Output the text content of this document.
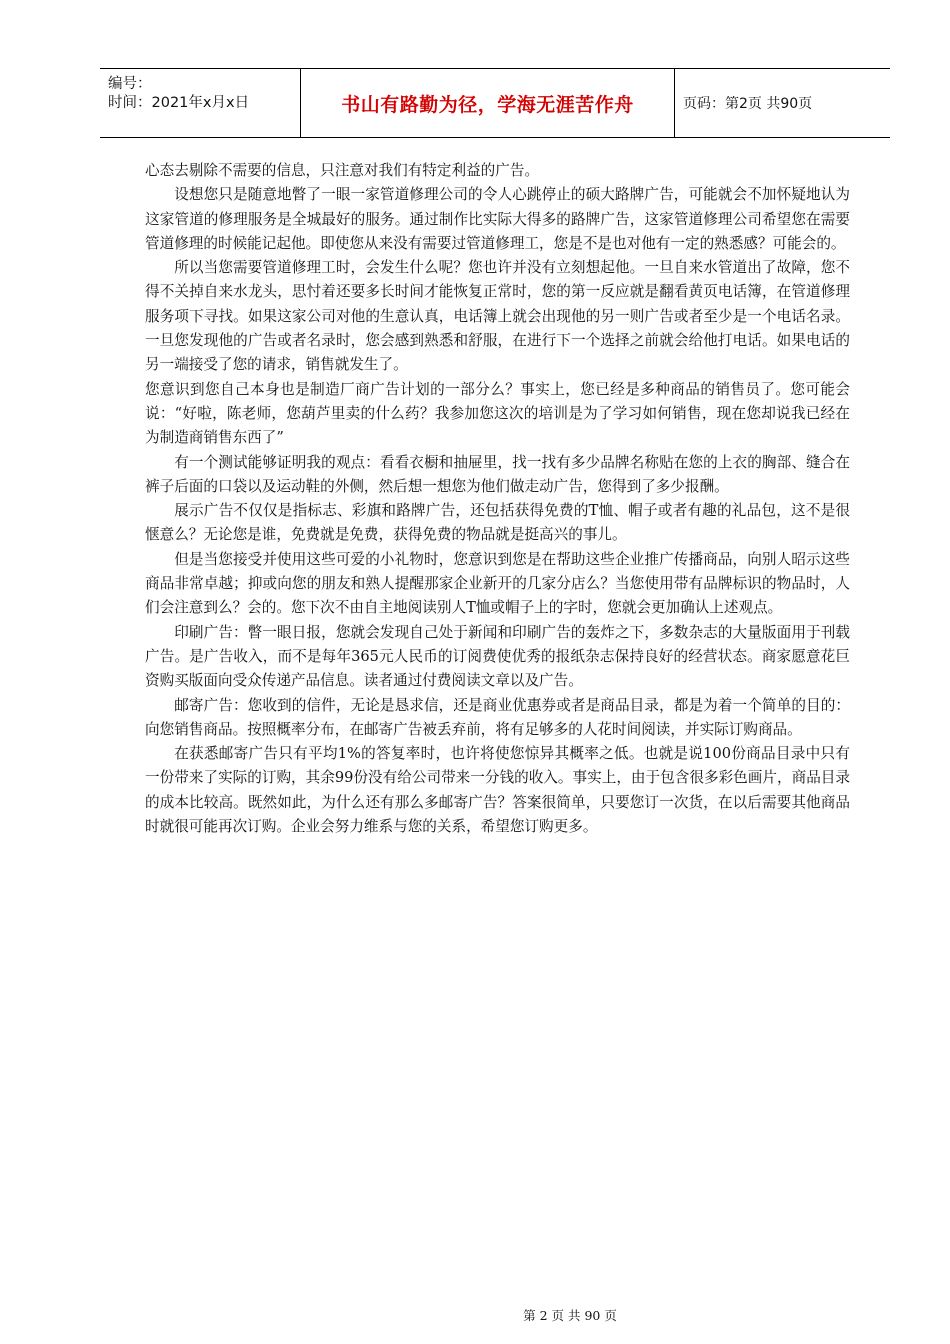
编号：
时间：2021年x月x日	书山有路勤为径，学海无涯苦作舟	页码：第2页 共90页

心态去剔除不需要的信息，只注意对我们有特定利益的广告。

设想您只是随意地瞥了一眼一家管道修理公司的令人心跳停止的硕大路牌广告，可能就会不加怀疑地认为这家管道的修理服务是全城最好的服务。通过制作比实际大得多的路牌广告，这家管道修理公司希望您在需要管道修理的时候能记起他。即使您从来没有需要过管道修理工，您是不是也对他有一定的熟悉感？可能会的。

所以当您需要管道修理工时，会发生什么呢？您也许并没有立刻想起他。一旦自来水管道出了故障，您不得不关掉自来水龙头，思忖着还要多长时间才能恢复正常时，您的第一反应就是翻看黄页电话簿，在管道修理服务项下寻找。如果这家公司对他的生意认真，电话簿上就会出现他的另一则广告或者至少是一个电话名录。一旦您发现他的广告或者名录时，您会感到熟悉和舒服，在进行下一个选择之前就会给他打电话。如果电话的另一端接受了您的请求，销售就发生了。

您意识到您自己本身也是制造厂商广告计划的一部分么？事实上，您已经是多种商品的销售员了。您可能会说：“好啦，陈老师，您葫芦里卖的什么药？我参加您这次的培训是为了学习如何销售，现在您却说我已经在为制造商销售东西了”

有一个测试能够证明我的观点：看看衣橱和抽屉里，找一找有多少品牌名称贴在您的上衣的胸部、缝合在裤子后面的口袋以及运动鞋的外侧，然后想一想您为他们做走动广告，您得到了多少报酬。

展示广告不仅仅是指标志、彩旗和路牌广告，还包括获得免费的T恤、帽子或者有趣的礼品包，这不是很惬意么？无论您是谁，免费就是免费，获得免费的物品就是挺高兴的事儿。

但是当您接受并使用这些可爱的小礼物时，您意识到您是在帮助这些企业推广传播商品，向别人昭示这些商品非常卓越；抑或向您的朋友和熟人提醒那家企业新开的几家分店么？当您使用带有品牌标识的物品时，人们会注意到么？会的。您下次不由自主地阅读别人T恤或帽子上的字时，您就会更加确认上述观点。

印刷广告：瞥一眼日报，您就会发现自己处于新闻和印刷广告的轰炸之下，多数杂志的大量版面用于刊载广告。是广告收入，而不是每年365元人民币的订阅费使优秀的报纸杂志保持良好的经营状态。商家愿意花巨资购买版面向受众传递产品信息。读者通过付费阅读文章以及广告。

邮寄广告：您收到的信件，无论是恳求信，还是商业优惠券或者是商品目录，都是为着一个简单的目的：向您销售商品。按照概率分布，在邮寄广告被丢弃前，将有足够多的人花时间阅读，并实际订购商品。

在获悉邮寄广告只有平均1%的答复率时，也许将使您惊异其概率之低。也就是说100份商品目录中只有一份带来了实际的订购，其余99份没有给公司带来一分钱的收入。事实上，由于包含很多彩色画片，商品目录的成本比较高。既然如此，为什么还有那么多邮寄广告？答案很简单，只要您订一次货，在以后需要其他商品时就很可能再次订购。企业会努力维系与您的关系，希望您订购更多。

第 2 页 共 90 页
